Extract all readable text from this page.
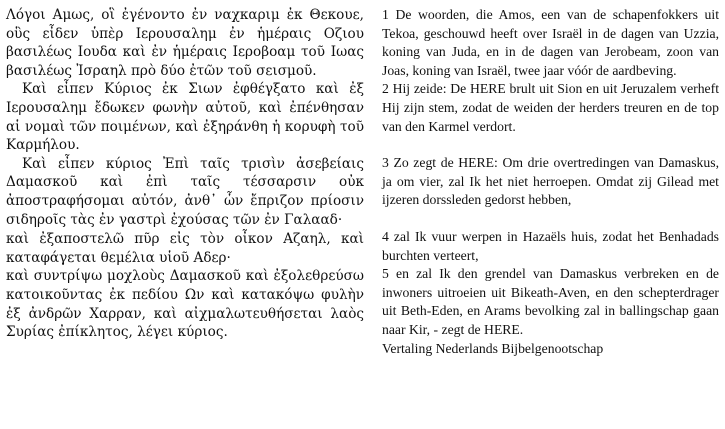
Λόγοι Αμως, οἳ ἐγένοντο ἐν ναχκαριμ ἐκ Θεκουε, οὓς εἶδεν ὑπὲρ Ιερουσαλημ ἐν ἡμέραις Οζιου βασιλέως Ιουδα καὶ ἐν ἡμέραις Ιεροβοαμ τοῦ Ιωας βασιλέως Ἰσραηλ πρὸ δύο ἐτῶν τοῦ σεισμοῦ.

Καὶ εἶπεν Κύριος ἐκ Σιων ἐφθέγξατο καὶ ἐξ Ιερουσαλημ ἔδωκεν φωνὴν αὐτοῦ, καὶ ἐπένθησαν αἱ νομαὶ τῶν ποιμένων, καὶ ἐξηράνθη ἡ κορυφὴ τοῦ Καρμήλου.

Καὶ εἶπεν κύριος Ἐπὶ ταῖς τρισὶν ἀσεβείαις Δαμασκοῦ καὶ ἐπὶ ταῖς τέσσαρσιν οὐκ ἀποστραφήσομαι αὐτόν, ἀνθ᾽ ὧν ἔπριζον πρίοσιν σιδηροῖς τὰς ἐν γαστρὶ ἐχούσας τῶν ἐν Γαλααδ·

καὶ ἐξαποστελῶ πῦρ εἰς τὸν οἶκον Αζαηλ, καὶ καταφάγεται θεμέλια υἱοῦ Αδερ·

καὶ συντρίψω μοχλοὺς Δαμασκοῦ καὶ ἐξολεθρεύσω κατοικοῦντας ἐκ πεδίου Ων καὶ κατακόψω φυλὴν ἐξ ἀνδρῶν Χαρραν, καὶ αἰχμαλωτευθήσεται λαὸς Συρίας ἐπίκλητος, λέγει κύριος.

1 De woorden, die Amos, een van de schapenfokkers uit Tekoa, geschouwd heeft over Israël in de dagen van Uzzia, koning van Juda, en in de dagen van Jerobeam, zoon van Joas, koning van Israël, twee jaar vóór de aardbeving.

2 Hij zeide: De HERE brult uit Sion en uit Jeruzalem verheft Hij zijn stem, zodat de weiden der herders treuren en de top van den Karmel verdort.

3 Zo zegt de HERE: Om drie overtredingen van Damaskus, ja om vier, zal Ik het niet herroepen. Omdat zij Gilead met ijzeren dorssleden gedorst hebben,

4 zal Ik vuur werpen in Hazaëls huis, zodat het Benhadads burchten verteert,

5 en zal Ik den grendel van Damaskus verbreken en de inwoners uitroeien uit Bikeath-Aven, en den schepterdrager uit Beth-Eden, en Arams bevolking zal in ballingschap gaan naar Kir, - zegt de HERE.

Vertaling Nederlands Bijbelgenootschap
